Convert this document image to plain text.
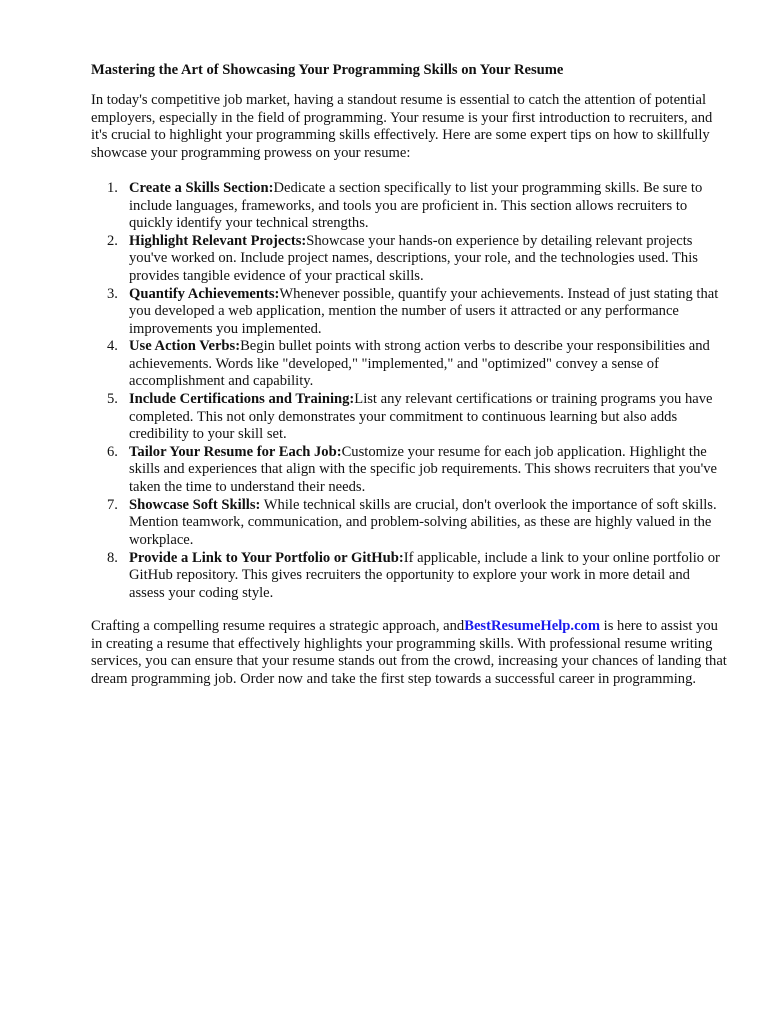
Mastering the Art of Showcasing Your Programming Skills on Your Resume

In today's competitive job market, having a standout resume is essential to catch the attention of potential employers, especially in the field of programming. Your resume is your first introduction to recruiters, and it's crucial to highlight your programming skills effectively. Here are some expert tips on how to skillfully showcase your programming prowess on your resume:

1. Create a Skills Section:Dedicate a section specifically to list your programming skills. Be sure to include languages, frameworks, and tools you are proficient in. This section allows recruiters to quickly identify your technical strengths.
2. Highlight Relevant Projects:Showcase your hands-on experience by detailing relevant projects you've worked on. Include project names, descriptions, your role, and the technologies used. This provides tangible evidence of your practical skills.
3. Quantify Achievements:Whenever possible, quantify your achievements. Instead of just stating that you developed a web application, mention the number of users it attracted or any performance improvements you implemented.
4. Use Action Verbs:Begin bullet points with strong action verbs to describe your responsibilities and achievements. Words like "developed," "implemented," and "optimized" convey a sense of accomplishment and capability.
5. Include Certifications and Training:List any relevant certifications or training programs you have completed. This not only demonstrates your commitment to continuous learning but also adds credibility to your skill set.
6. Tailor Your Resume for Each Job:Customize your resume for each job application. Highlight the skills and experiences that align with the specific job requirements. This shows recruiters that you've taken the time to understand their needs.
7. Showcase Soft Skills: While technical skills are crucial, don't overlook the importance of soft skills. Mention teamwork, communication, and problem-solving abilities, as these are highly valued in the workplace.
8. Provide a Link to Your Portfolio or GitHub:If applicable, include a link to your online portfolio or GitHub repository. This gives recruiters the opportunity to explore your work in more detail and assess your coding style.

Crafting a compelling resume requires a strategic approach, andBestResumeHelp.com is here to assist you in creating a resume that effectively highlights your programming skills. With professional resume writing services, you can ensure that your resume stands out from the crowd, increasing your chances of landing that dream programming job. Order now and take the first step towards a successful career in programming.
